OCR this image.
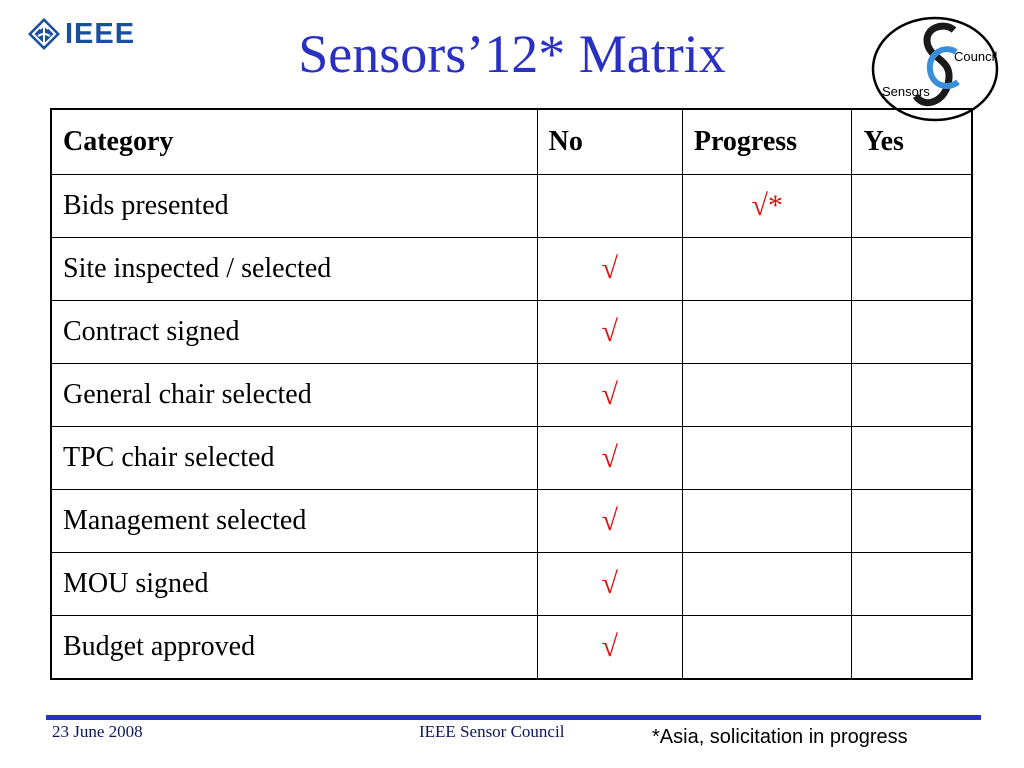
IEEE	Sensors’12* Matrix	Council
Sensors
Category	No	Progress	Yes
Bids presented		√*	
Site inspected / selected	√		
Contract signed	√		
General chair selected	√		
TPC chair selected	√		
Management selected	√		
MOU signed	√		
Budget approved	√		
23 June 2008	IEEE Sensor Council	*Asia, solicitation in progress
